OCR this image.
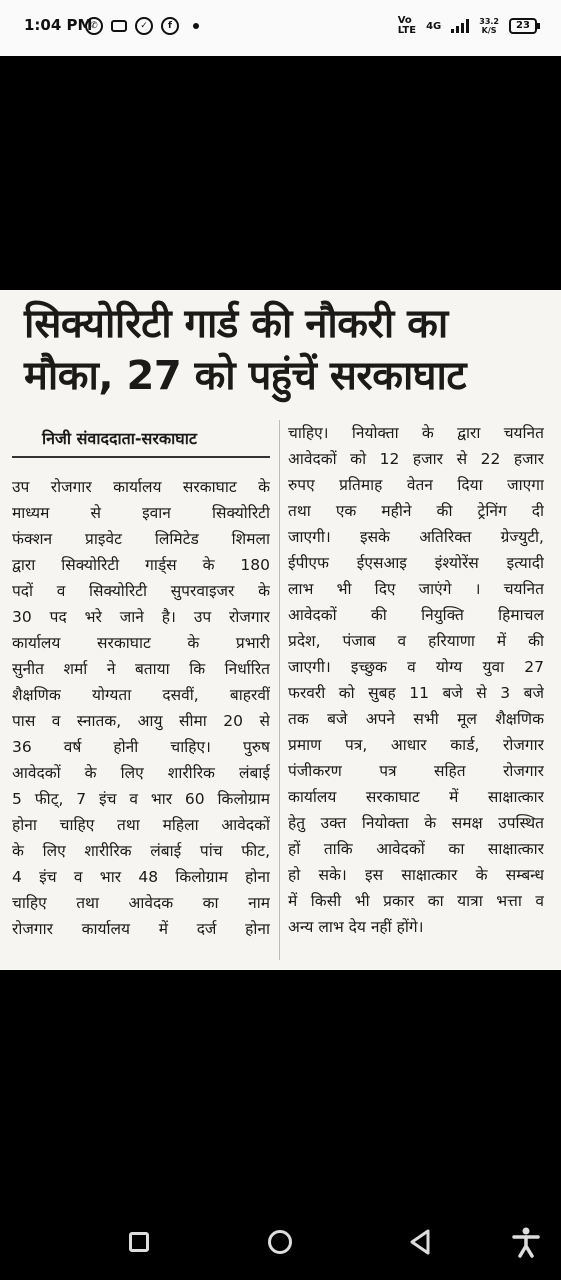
1:04 PM
✆	✓	f	Vo
LTE 4G	33.2
K/S	23
सिक्योरिटी गार्ड की नौकरी का
मौका, 27 को पहुंचें सरकाघाट
निजी संवाददाता-सरकाघाट
उप रोजगार कार्यालय सरकाघाट के
माध्यम से इवान सिक्योरिटी
फंक्शन प्राइवेट लिमिटेड शिमला
द्वारा सिक्योरिटी गार्ड्स के 180
पदों व सिक्योरिटी सुपरवाइजर के
30 पद भरे जाने है। उप रोजगार
कार्यालय सरकाघाट के प्रभारी
सुनीत शर्मा ने बताया कि निर्धारित
शैक्षणिक योग्यता दसवीं, बाहरवीं
पास व स्नातक, आयु सीमा 20 से
36 वर्ष होनी चाहिए। पुरुष
आवेदकों के लिए शारीरिक लंबाई
5 फीट्, 7 इंच व भार 60 किलोग्राम
होना चाहिए तथा महिला आवेदकों
के लिए शारीरिक लंबाई पांच फीट,
4 इंच व भार 48 किलोग्राम होना
चाहिए तथा आवेदक का नाम
रोजगार कार्यालय में दर्ज होना
चाहिए। नियोक्ता के द्वारा चयनित
आवेदकों को 12 हजार से 22 हजार
रुपए प्रतिमाह वेतन दिया जाएगा
तथा एक महीने की ट्रेनिंग दी
जाएगी। इसके अतिरिक्त ग्रेज्युटी,
ईपीएफ ईएसआइ इंश्योरेंस इत्यादी
लाभ भी दिए जाएंगे । चयनित
आवेदकों की नियुक्ति हिमाचल
प्रदेश, पंजाब व हरियाणा में की
जाएगी। इच्छुक व योग्य युवा 27
फरवरी को सुबह 11 बजे से 3 बजे
तक बजे अपने सभी मूल शैक्षणिक
प्रमाण पत्र, आधार कार्ड, रोजगार
पंजीकरण पत्र सहित रोजगार
कार्यालय सरकाघाट में साक्षात्कार
हेतु उक्त नियोक्ता के समक्ष उपस्थित
हों ताकि आवेदकों का साक्षात्कार
हो सके। इस साक्षात्कार के सम्बन्ध
में किसी भी प्रकार का यात्रा भत्ता व
अन्य लाभ देय नहीं होंगे।
